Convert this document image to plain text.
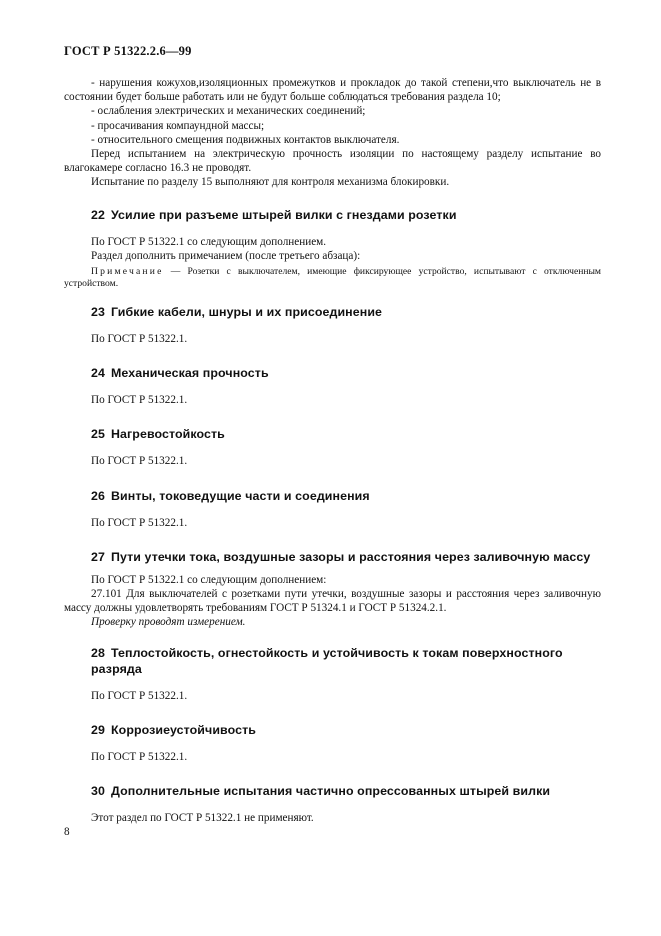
ГОСТ Р 51322.2.6—99

- нарушения кожухов,изоляционных промежутков и прокладок до такой степени,что выключатель не в состоянии будет больше работать или не будут больше соблюдаться требования раздела 10;

- ослабления электрических и механических соединений;

- просачивания компаундной массы;

- относительного смещения подвижных контактов выключателя.

Перед испытанием на электрическую прочность изоляции по настоящему разделу испытание во влагокамере согласно 16.3 не проводят.

Испытание по разделу 15 выполняют для контроля механизма блокировки.

22 Усилие при разъеме штырей вилки с гнездами розетки

По ГОСТ Р 51322.1 со следующим дополнением.

Раздел дополнить примечанием (после третьего абзаца):

Примечание — Розетки с выключателем, имеющие фиксирующее устройство, испытывают с отключенным устройством.

23 Гибкие кабели, шнуры и их присоединение

По ГОСТ Р 51322.1.

24 Механическая прочность

По ГОСТ Р 51322.1.

25 Нагревостойкость

По ГОСТ Р 51322.1.

26 Винты, токоведущие части и соединения

По ГОСТ Р 51322.1.

27 Пути утечки тока, воздушные зазоры и расстояния через заливочную массу

По ГОСТ Р 51322.1 со следующим дополнением:

27.101 Для выключателей с розетками пути утечки, воздушные зазоры и расстояния через заливочную массу должны удовлетворять требованиям ГОСТ Р 51324.1 и ГОСТ Р 51324.2.1.

Проверку проводят измерением.

28 Теплостойкость, огнестойкость и устойчивость к токам поверхностного разряда

По ГОСТ Р 51322.1.

29 Коррозиеустойчивость

По ГОСТ Р 51322.1.

30 Дополнительные испытания частично опрессованных штырей вилки

Этот раздел по ГОСТ Р 51322.1 не применяют.

8
